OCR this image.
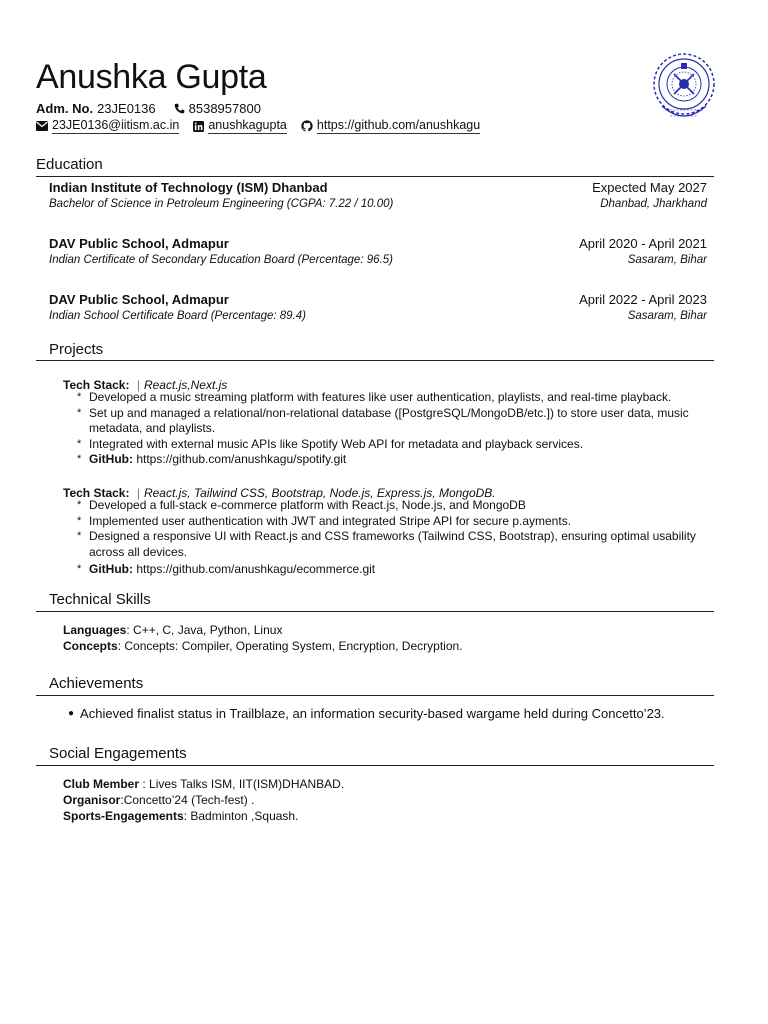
Anushka Gupta
Adm. No. 23JE0136	8538957800
23JE0136@iitism.ac.in anushkagupta https://github.com/anushkagu
Education
Indian Institute of Technology (ISM) Dhanbad	Expected May 2027
Bachelor of Science in Petroleum Engineering (CGPA: 7.22 / 10.00)	Dhanbad, Jharkhand
DAV Public School, Admapur	April 2020 - April 2021
Indian Certificate of Secondary Education Board (Percentage: 96.5)	Sasaram, Bihar
DAV Public School, Admapur	April 2022 - April 2023
Indian School Certificate Board (Percentage: 89.4)	Sasaram, Bihar
Projects
Tech Stack: | React.js,Next.js
* Developed a music streaming platform with features like user authentication, playlists, and real-time playback.
* Set up and managed a relational/non-relational database ([PostgreSQL/MongoDB/etc.]) to store user data, music metadata, and playlists.
* Integrated with external music APIs like Spotify Web API for metadata and playback services.
* GitHub: https://github.com/anushkagu/spotify.git
Tech Stack: | React.js, Tailwind CSS, Bootstrap, Node.js, Express.js, MongoDB.
* Developed a full-stack e-commerce platform with React.js, Node.js, and MongoDB
* Implemented user authentication with JWT and integrated Stripe API for secure p.ayments.
* Designed a responsive UI with React.js and CSS frameworks (Tailwind CSS, Bootstrap), ensuring optimal usability across all devices.
* GitHub: https://github.com/anushkagu/ecommerce.git
Technical Skills
Languages: C++, C, Java, Python, Linux
Concepts: Concepts: Compiler, Operating System, Encryption, Decryption.
Achievements
● Achieved finalist status in Trailblaze, an information security-based wargame held during Concetto’23.
Social Engagements
Club Member : Lives Talks ISM, IIT(ISM)DHANBAD.
Organisor:Concetto’24 (Tech-fest) .
Sports-Engagements: Badminton ,Squash.
